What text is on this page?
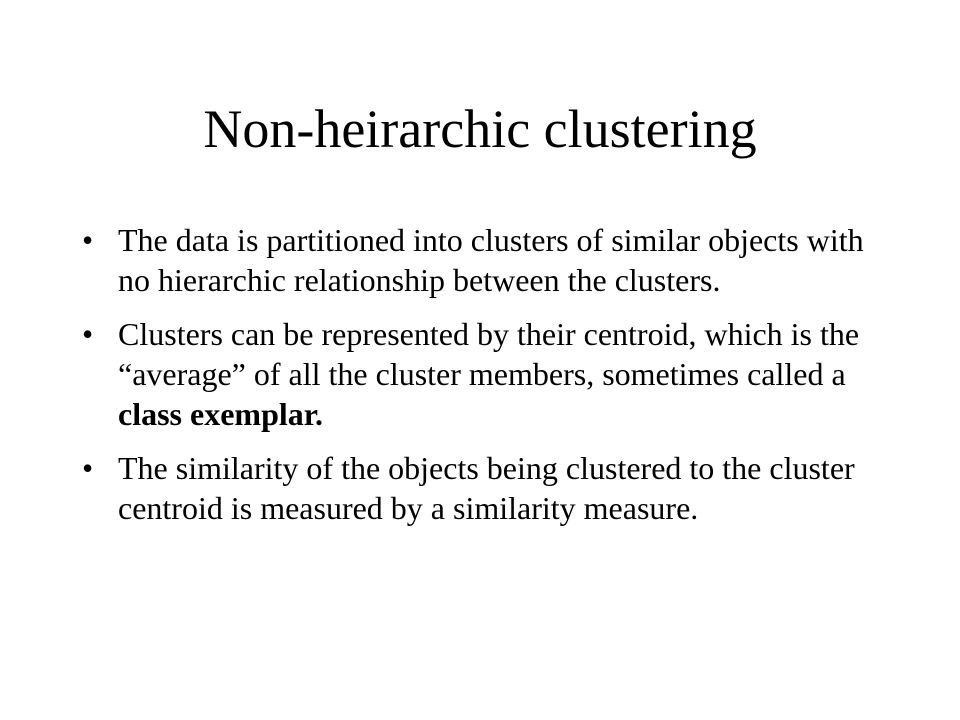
Non-heirarchic clustering
• The data is partitioned into clusters of similar objects with no hierarchic relationship between the clusters.
• Clusters can be represented by their centroid, which is the “average” of all the cluster members, sometimes called a class exemplar.
• The similarity of the objects being clustered to the cluster centroid is measured by a similarity measure.
